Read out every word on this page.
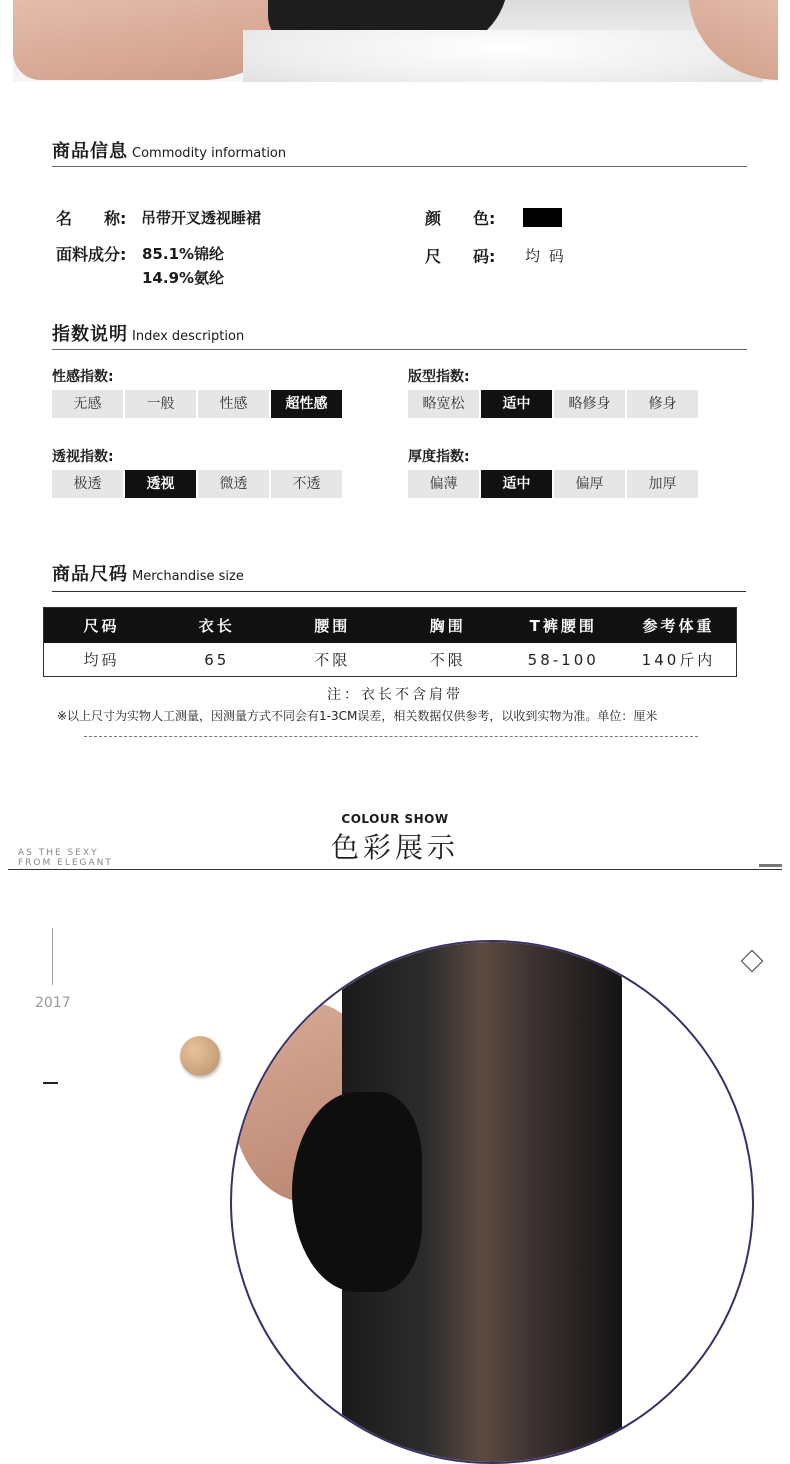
商品信息 Commodity information
名　　称: 吊带开叉透视睡裙
面料成分: 85.1%锦纶
14.9%氨纶
颜　　色:
尺　　码: 均 码
指数说明 Index description
性感指数:
无感	一般	性感	超性感
版型指数:
略宽松	适中	略修身	修身
透视指数:
极透	透视	微透	不透
厚度指数:
偏薄	适中	偏厚	加厚
商品尺码 Merchandise size
尺码	衣长	腰围	胸围	T裤腰围	参考体重
均码	65	不限	不限	58-100	140斤内
注：衣长不含肩带
※以上尺寸为实物人工测量，因测量方式不同会有1-3CM误差，相关数据仅供参考，以收到实物为准。单位：厘米
COLOUR SHOW
色彩展示
AS THE SEXY
FROM ELEGANT
2017
